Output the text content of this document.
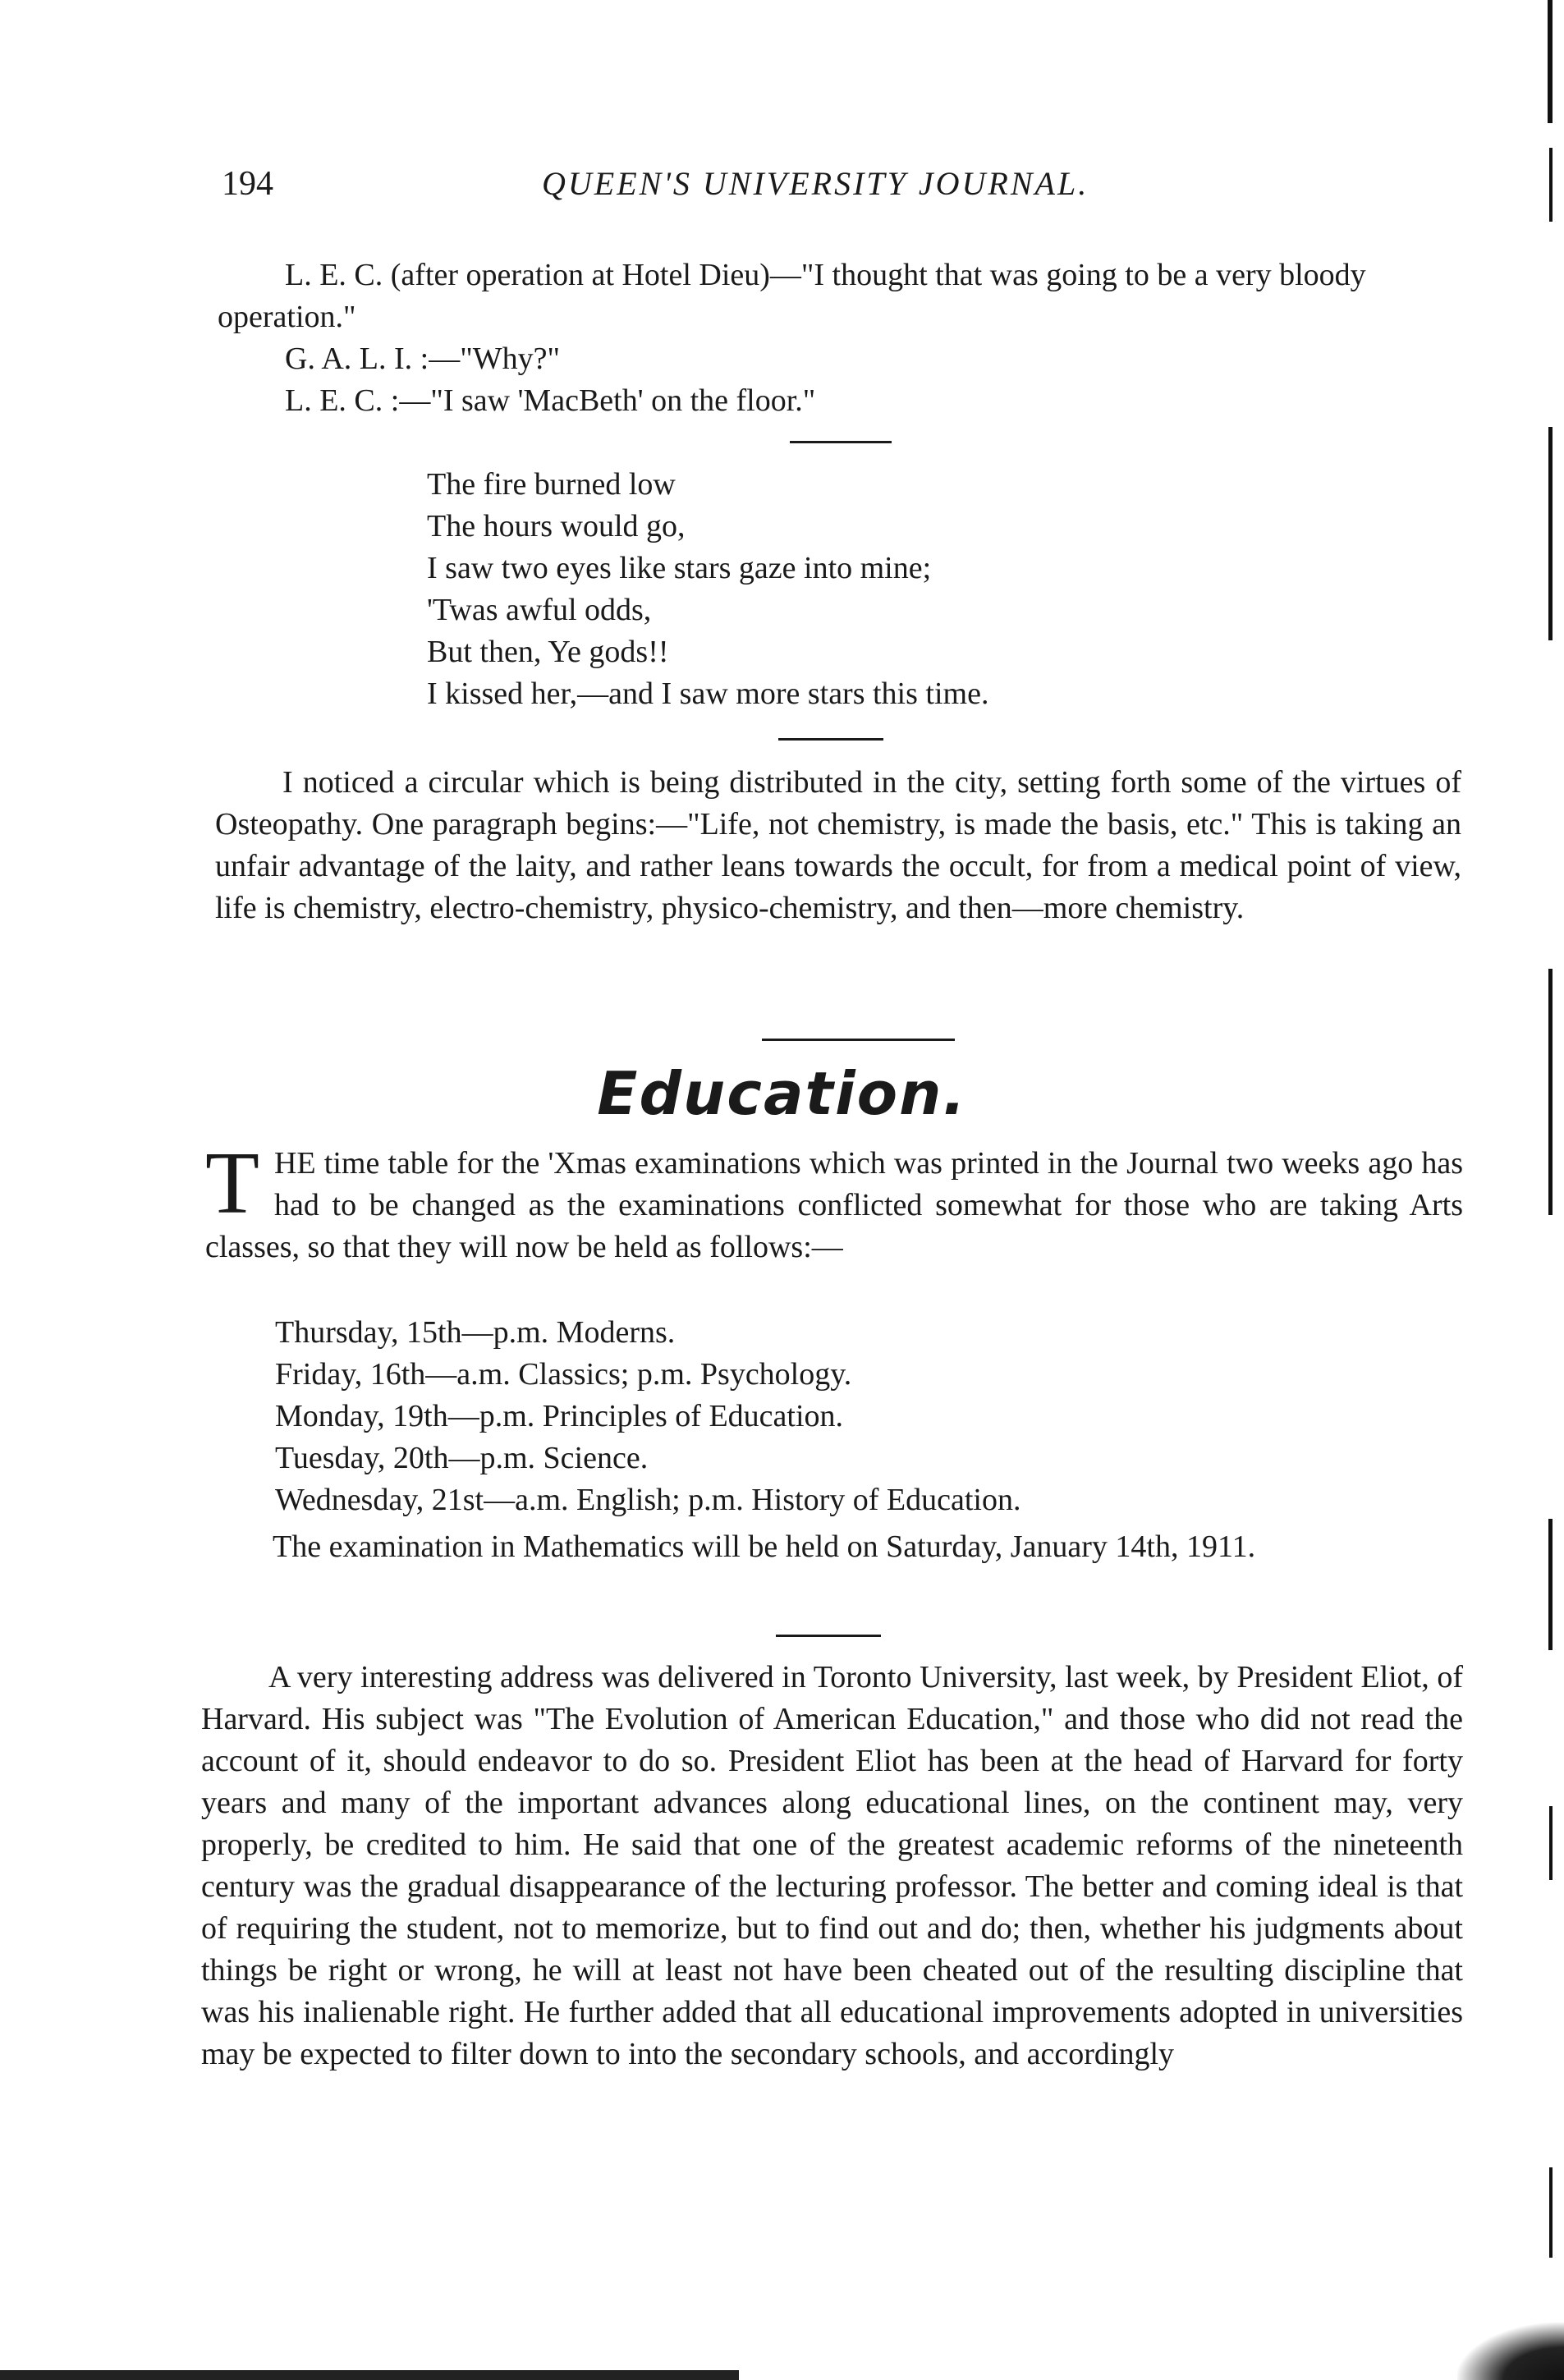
194	QUEEN'S UNIVERSITY JOURNAL.

L. E. C. (after operation at Hotel Dieu)—"I thought that was going to be a very bloody operation."

G. A. L. I. :—"Why?"

L. E. C. :—"I saw 'MacBeth' on the floor."

The fire burned low
The hours would go,
I saw two eyes like stars gaze into mine;
'Twas awful odds,
But then, Ye gods!!
I kissed her,—and I saw more stars this time.

I noticed a circular which is being distributed in the city, setting forth some of the virtues of Osteopathy. One paragraph begins:—"Life, not chemistry, is made the basis, etc." This is taking an unfair advantage of the laity, and rather leans towards the occult, for from a medical point of view, life is chemistry, electro-chemistry, physico-chemistry, and then—more chemistry.

Education.
T HE time table for the 'Xmas examinations which was printed in the Journal two weeks ago has had to be changed as the examinations conflicted somewhat for those who are taking Arts classes, so that they will now be held as follows:—
Thursday, 15th—p.m. Moderns.
Friday, 16th—a.m. Classics; p.m. Psychology.
Monday, 19th—p.m. Principles of Education.
Tuesday, 20th—p.m. Science.
Wednesday, 21st—a.m. English; p.m. History of Education.

The examination in Mathematics will be held on Saturday, January 14th, 1911.

A very interesting address was delivered in Toronto University, last week, by President Eliot, of Harvard. His subject was "The Evolution of American Education," and those who did not read the account of it, should endeavor to do so. President Eliot has been at the head of Harvard for forty years and many of the important advances along educational lines, on the continent may, very properly, be credited to him. He said that one of the greatest academic reforms of the nineteenth century was the gradual disappearance of the lecturing professor. The better and coming ideal is that of requiring the student, not to memorize, but to find out and do; then, whether his judgments about things be right or wrong, he will at least not have been cheated out of the resulting discipline that was his inalienable right. He further added that all educational improvements adopted in universities may be expected to filter down to into the secondary schools, and accordingly
